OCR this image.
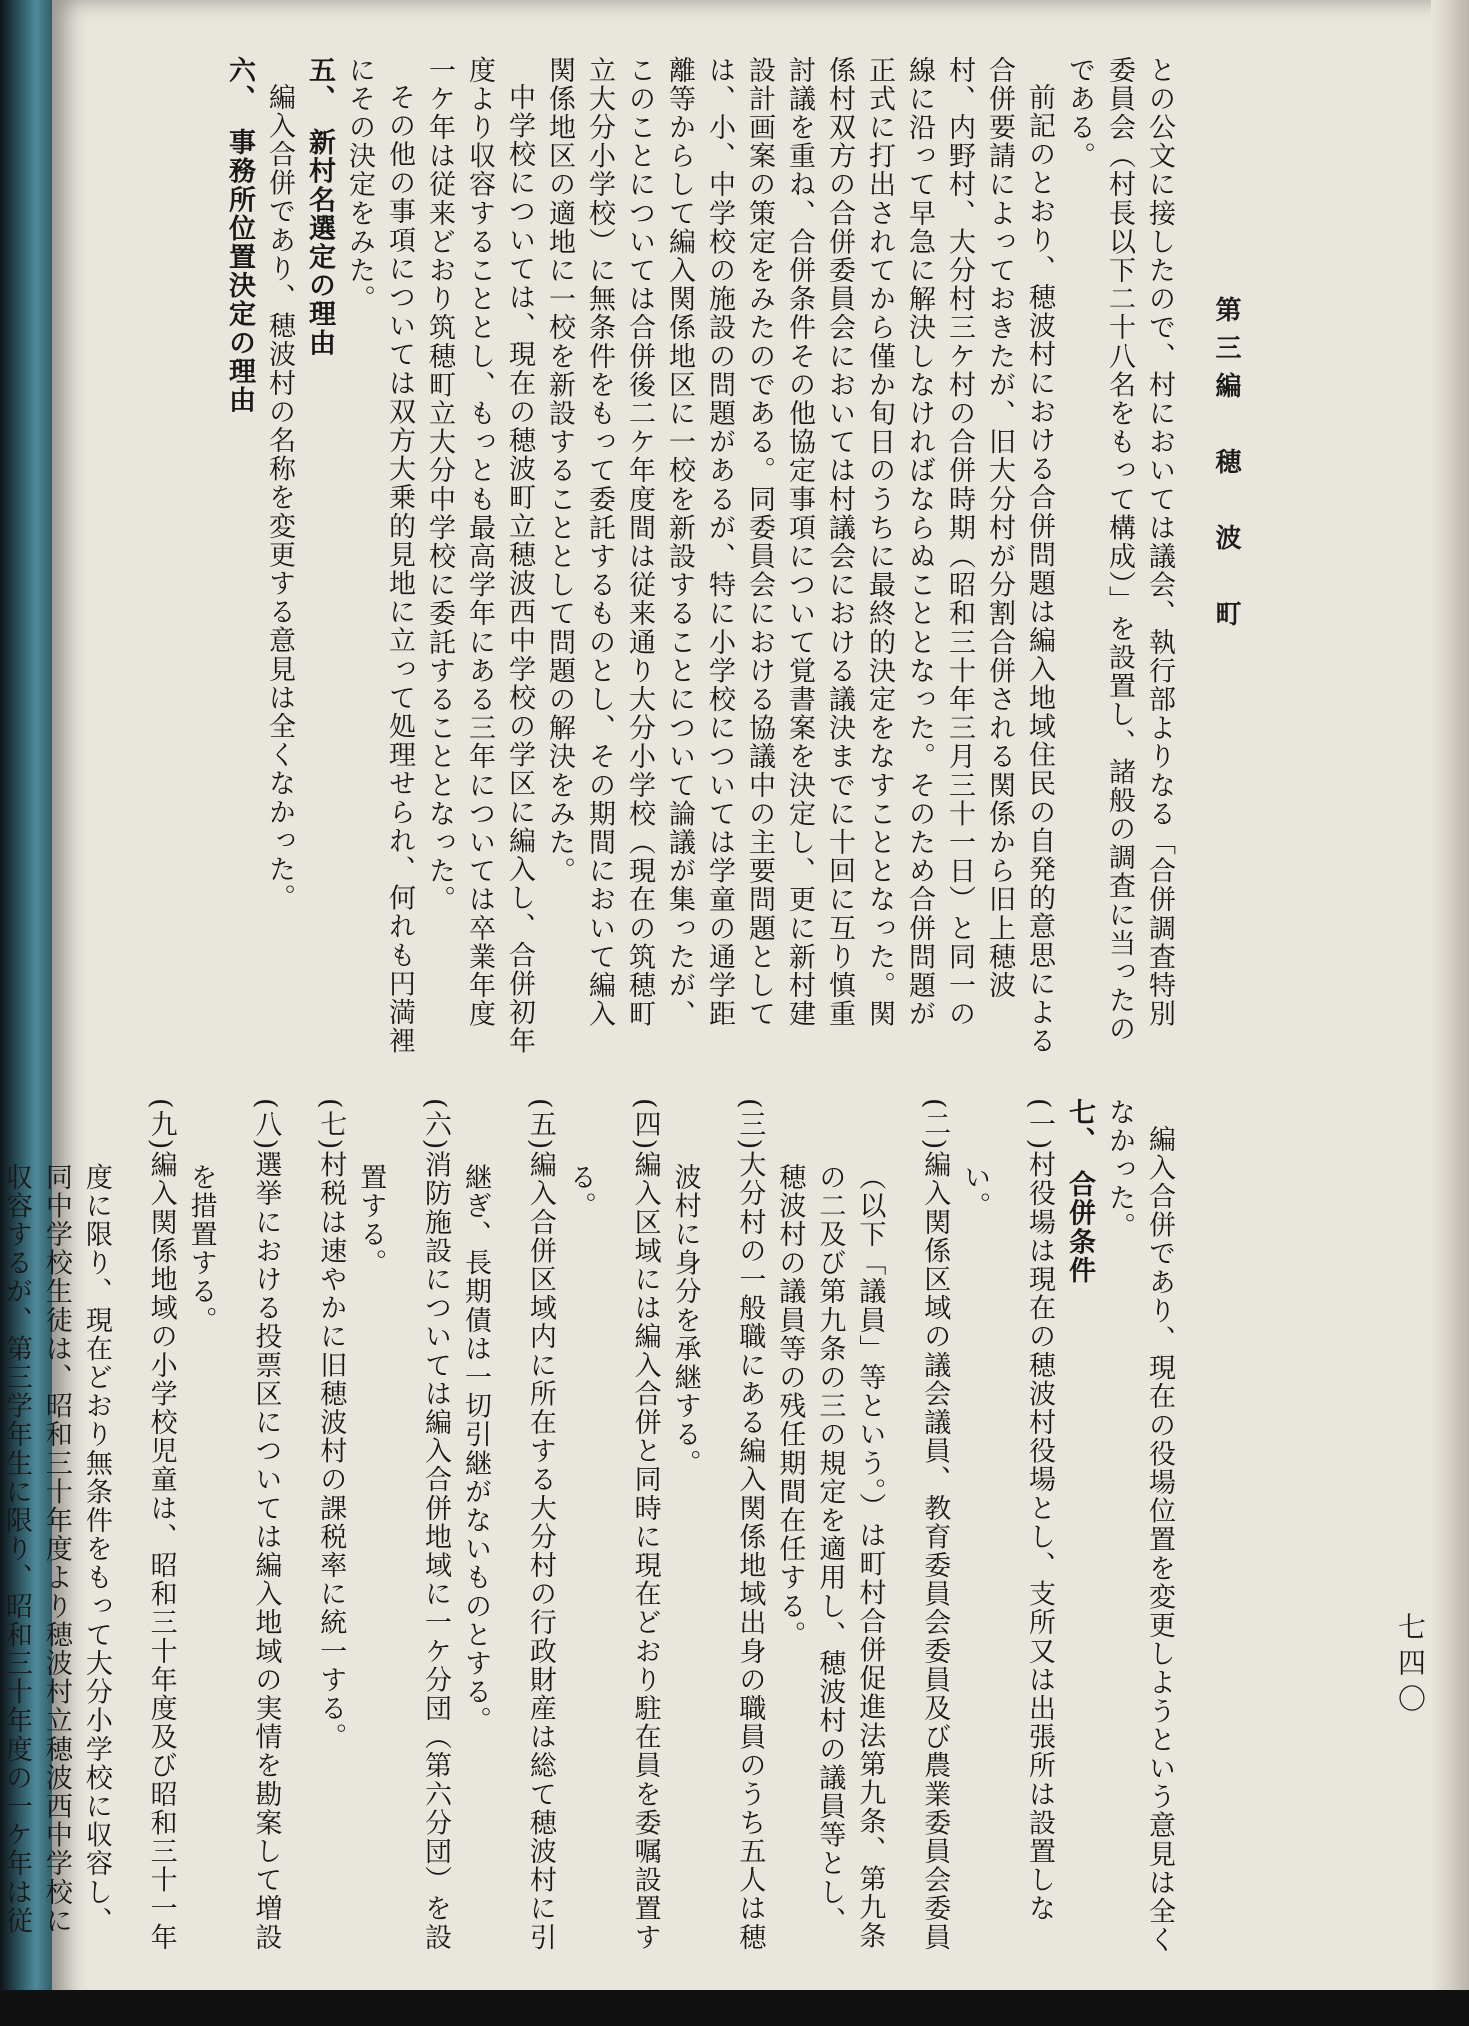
第三編　穂　波　町
七四〇

との公文に接したので、村においては議会、執行部よりなる「合併調査特別委員会（村長以下二十八名をもって構成）」を設置し、諸般の調査に当ったのである。

前記のとおり、穂波村における合併問題は編入地域住民の自発的意思による合併要請によっておきたが、旧大分村が分割合併される関係から旧上穂波村、内野村、大分村三ケ村の合併時期（昭和三十年三月三十一日）と同一の線に沿って早急に解決しなければならぬこととなった。そのため合併問題が正式に打出されてから僅か旬日のうちに最終的決定をなすこととなった。関係村双方の合併委員会においては村議会における議決までに十回に互り慎重討議を重ね、合併条件その他協定事項について覚書案を決定し、更に新村建設計画案の策定をみたのである。同委員会における協議中の主要問題としては、小、中学校の施設の問題があるが、特に小学校については学童の通学距離等からして編入関係地区に一校を新設することについて論議が集ったが、このことについては合併後二ケ年度間は従来通り大分小学校（現在の筑穂町立大分小学校）に無条件をもって委託するものとし、その期間において編入関係地区の適地に一校を新設することとして問題の解決をみた。

中学校については、現在の穂波町立穂波西中学校の学区に編入し、合併初年度より収容することとし、もっとも最高学年にある三年については卒業年度一ケ年は従来どおり筑穂町立大分中学校に委託することとなった。

その他の事項については双方大乗的見地に立って処理せられ、何れも円満裡にその決定をみた。

五、　新村名選定の理由

編入合併であり、穂波村の名称を変更する意見は全くなかった。

六、　事務所位置決定の理由

編入合併であり、現在の役場位置を変更しようという意見は全くなかった。

七、　合併条件

(一)村役場は現在の穂波村役場とし、支所又は出張所は設置しない。

(二)編入関係区域の議会議員、教育委員会委員及び農業委員会委員（以下「議員」等という。）は町村合併促進法第九条、第九条の二及び第九条の三の規定を適用し、穂波村の議員等とし、穂波村の議員等の残任期間在任する。

(三)大分村の一般職にある編入関係地域出身の職員のうち五人は穂波村に身分を承継する。

(四)編入区域には編入合併と同時に現在どおり駐在員を委嘱設置する。

(五)編入合併区域内に所在する大分村の行政財産は総て穂波村に引継ぎ、長期債は一切引継がないものとする。

(六)消防施設については編入合併地域に一ケ分団（第六分団）を設置する。

(七)村税は速やかに旧穂波村の課税率に統一する。

(八)選挙における投票区については編入地域の実情を勘案して増設を措置する。

(九)編入関係地域の小学校児童は、昭和三十年度及び昭和三十一年度に限り、現在どおり無条件をもって大分小学校に収容し、同中学校生徒は、昭和三十年度より穂波村立穂波西中学校に収容するが、第三学年生に限り、昭和三十年度の一ケ年は従
